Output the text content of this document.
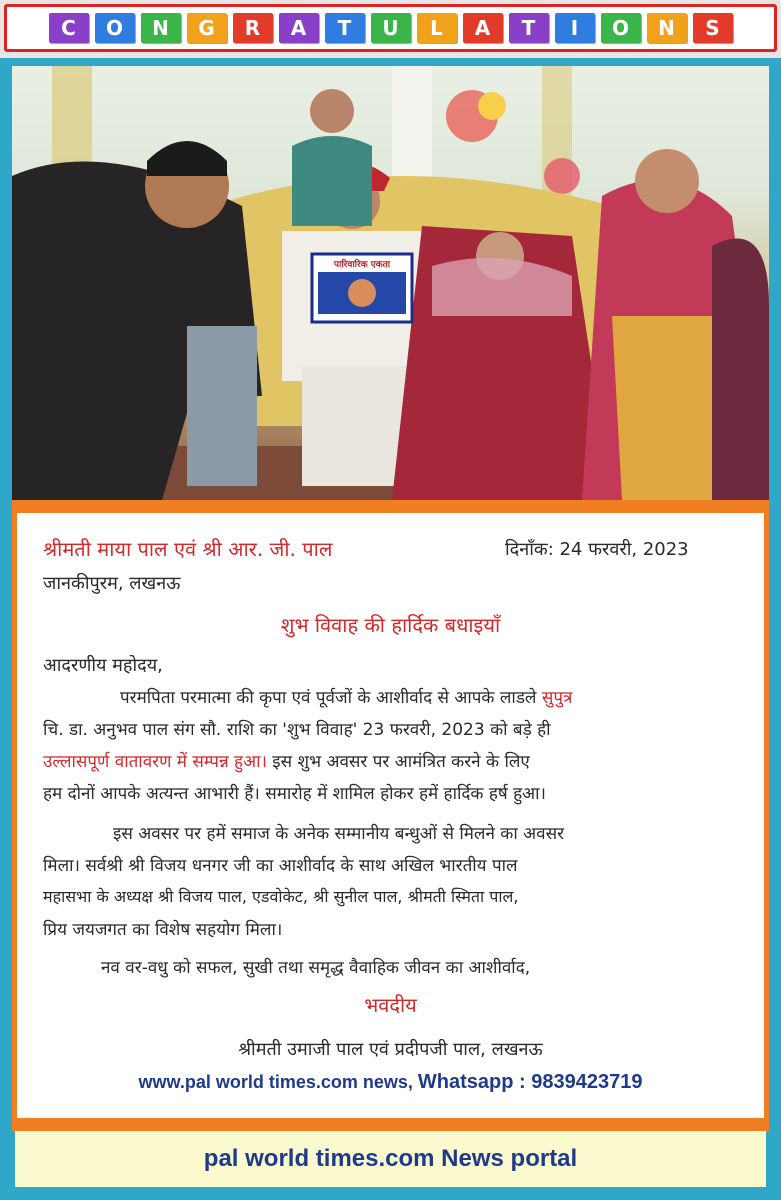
C	O	N	G	R	A	T	U	L	A	T	I	O	N	S
पारिवारिक एकता
श्रीमती माया पाल एवं श्री आर. जी. पाल	दिनाँक: 24 फरवरी, 2023
जानकीपुरम, लखनऊ
शुभ विवाह की हार्दिक बधाइयाँ
आदरणीय महोदय,
परमपिता परमात्मा की कृपा एवं पूर्वजों के आशीर्वाद से आपके लाडले सुपुत्र
चि. डा. अनुभव पाल संग सौ. राशि का 'शुभ विवाह' 23 फरवरी, 2023 को बड़े ही
उल्लासपूर्ण वातावरण में सम्पन्न हुआ। इस शुभ अवसर पर आमंत्रित करने के लिए
हम दोनों आपके अत्यन्त आभारी हैं। समारोह में शामिल होकर हमें हार्दिक हर्ष हुआ।
इस अवसर पर हमें समाज के अनेक सम्मानीय बन्धुओं से मिलने का अवसर
मिला। सर्वश्री श्री विजय धनगर जी का आशीर्वाद के साथ अखिल भारतीय पाल
महासभा के अध्यक्ष श्री विजय पाल, एडवोकेट, श्री सुनील पाल, श्रीमती स्मिता पाल,
प्रिय जयजगत का विशेष सहयोग मिला।
नव वर-वधु को सफल, सुखी तथा समृद्ध वैवाहिक जीवन का आशीर्वाद,
भवदीय
श्रीमती उमाजी पाल एवं प्रदीपजी पाल, लखनऊ
www.pal world times.com news, Whatsapp : 9839423719
pal world times.com News portal
